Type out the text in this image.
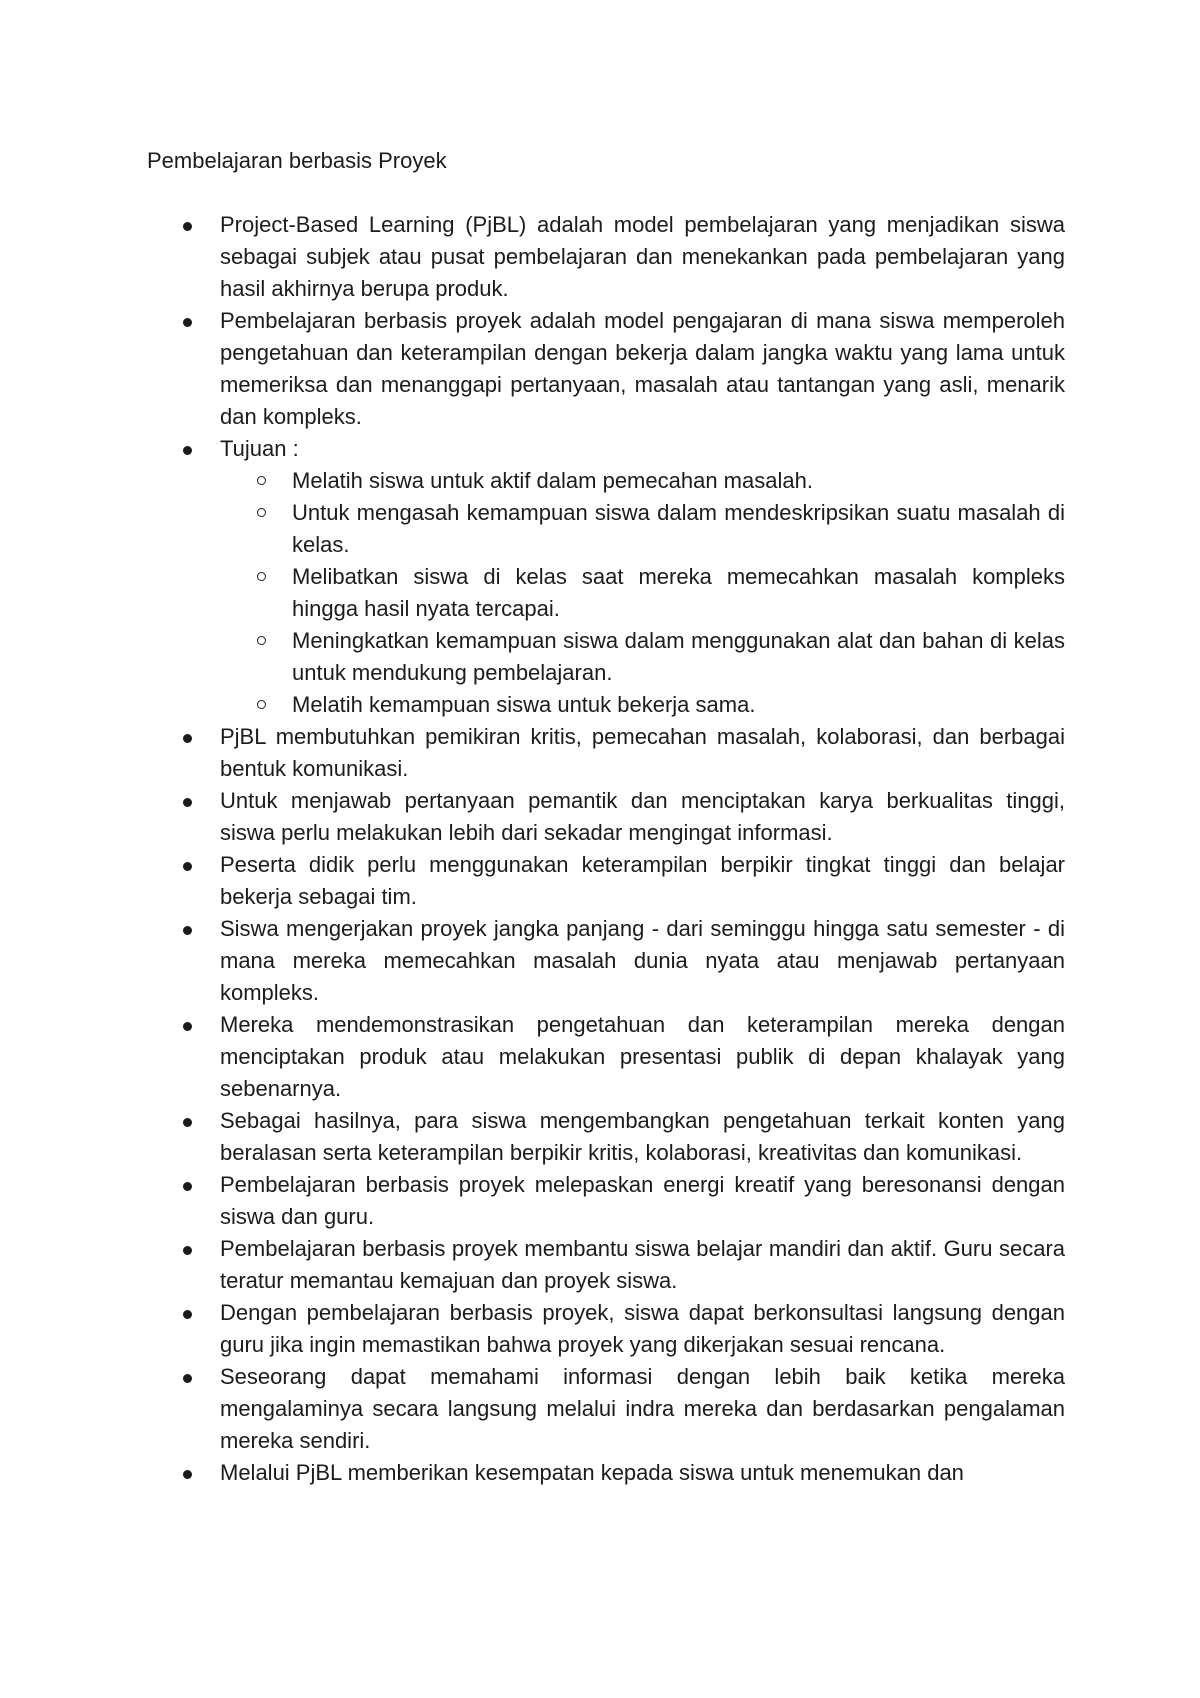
Pembelajaran berbasis Proyek
Project-Based Learning (PjBL) adalah model pembelajaran yang menjadikan siswa sebagai subjek atau pusat pembelajaran dan menekankan pada pembelajaran yang hasil akhirnya berupa produk.
Pembelajaran berbasis proyek adalah model pengajaran di mana siswa memperoleh pengetahuan dan keterampilan dengan bekerja dalam jangka waktu yang lama untuk memeriksa dan menanggapi pertanyaan, masalah atau tantangan yang asli, menarik dan kompleks.
Tujuan :
Melatih siswa untuk aktif dalam pemecahan masalah.
Untuk mengasah kemampuan siswa dalam mendeskripsikan suatu masalah di kelas.
Melibatkan siswa di kelas saat mereka memecahkan masalah kompleks hingga hasil nyata tercapai.
Meningkatkan kemampuan siswa dalam menggunakan alat dan bahan di kelas untuk mendukung pembelajaran.
Melatih kemampuan siswa untuk bekerja sama.
PjBL membutuhkan pemikiran kritis, pemecahan masalah, kolaborasi, dan berbagai bentuk komunikasi.
Untuk menjawab pertanyaan pemantik dan menciptakan karya berkualitas tinggi, siswa perlu melakukan lebih dari sekadar mengingat informasi.
Peserta didik perlu menggunakan keterampilan berpikir tingkat tinggi dan belajar bekerja sebagai tim.
Siswa mengerjakan proyek jangka panjang - dari seminggu hingga satu semester - di mana mereka memecahkan masalah dunia nyata atau menjawab pertanyaan kompleks.
Mereka mendemonstrasikan pengetahuan dan keterampilan mereka dengan menciptakan produk atau melakukan presentasi publik di depan khalayak yang sebenarnya.
Sebagai hasilnya, para siswa mengembangkan pengetahuan terkait konten yang beralasan serta keterampilan berpikir kritis, kolaborasi, kreativitas dan komunikasi.
Pembelajaran berbasis proyek melepaskan energi kreatif yang beresonansi dengan siswa dan guru.
Pembelajaran berbasis proyek membantu siswa belajar mandiri dan aktif. Guru secara teratur memantau kemajuan dan proyek siswa.
Dengan pembelajaran berbasis proyek, siswa dapat berkonsultasi langsung dengan guru jika ingin memastikan bahwa proyek yang dikerjakan sesuai rencana.
Seseorang dapat memahami informasi dengan lebih baik ketika mereka mengalaminya secara langsung melalui indra mereka dan berdasarkan pengalaman mereka sendiri.
Melalui PjBL memberikan kesempatan kepada siswa untuk menemukan dan
